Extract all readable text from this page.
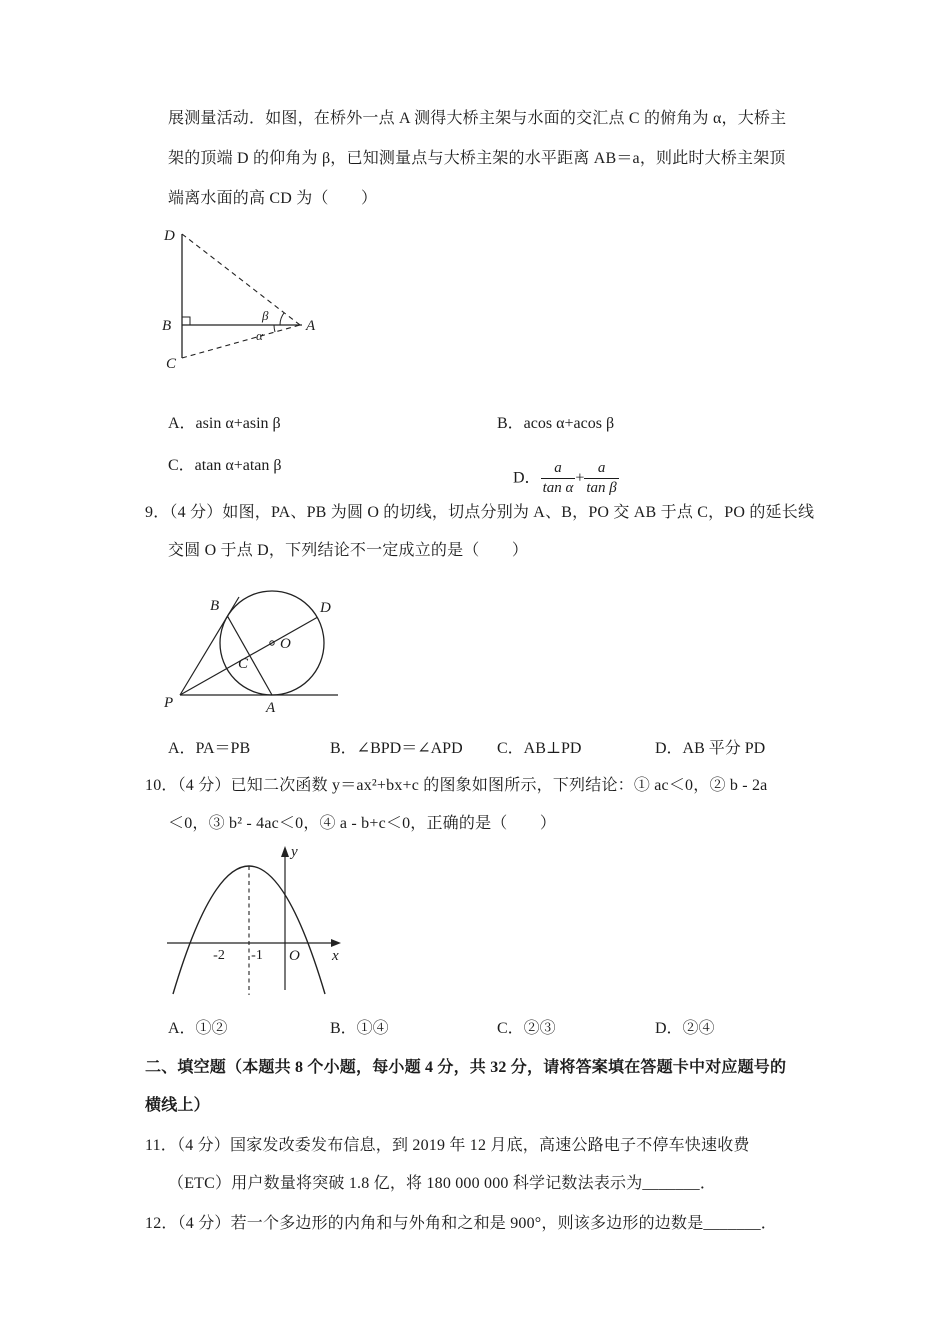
展测量活动．如图，在桥外一点 A 测得大桥主架与水面的交汇点 C 的俯角为 α，大桥主
架的顶端 D 的仰角为 β，已知测量点与大桥主架的水平距离 AB＝a，则此时大桥主架顶
端离水面的高 CD 为（　　）
D
B	A
C
β
α
A．asin α+asin β	B．acos α+acos β
C．atan α+atan β

D． $\frac{a}{\text{tan α}} + \frac{a}{\text{tan β}}$

9．（4 分）如图，PA、PB 为圆 O 的切线，切点分别为 A、B，PO 交 AB 于点 C，PO 的延长线
交圆 O 于点 D，下列结论不一定成立的是（　　）
B	D
O
C
P	A
A．PA＝PB	B．∠BPD＝∠APD C．AB⊥PD	D．AB 平分 PD
10．（4 分）已知二次函数 y＝ax²+bx+c 的图象如图所示，下列结论：① ac＜0，② b - 2a
＜0，③ b² - 4ac＜0，④ a - b+c＜0，正确的是（　　）
y
x
O
-2 -1
A．①②	B．①④	C．②③	D．②④
二、填空题（本题共 8 个小题，每小题 4 分，共 32 分，请将答案填在答题卡中对应题号的
横线上）
11．（4 分）国家发改委发布信息，到 2019 年 12 月底，高速公路电子不停车快速收费
（ETC）用户数量将突破 1.8 亿，将 180 000 000 科学记数法表示为_______．
12．（4 分）若一个多边形的内角和与外角和之和是 900°，则该多边形的边数是_______．
